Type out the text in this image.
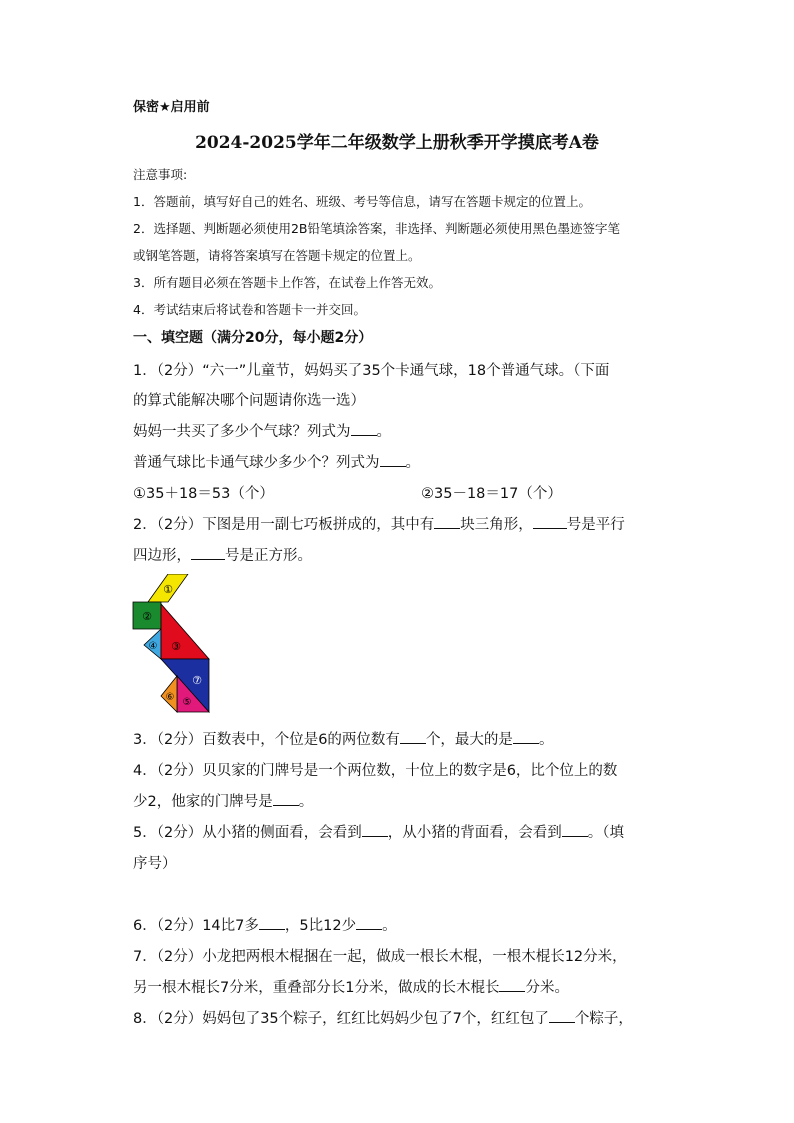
保密★启用前
2024-2025学年二年级数学上册秋季开学摸底考A卷
注意事项:
1．答题前，填写好自己的姓名、班级、考号等信息，请写在答题卡规定的位置上。
2．选择题、判断题必须使用2B铅笔填涂答案，非选择、判断题必须使用黑色墨迹签字笔
或钢笔答题，请将答案填写在答题卡规定的位置上。
3．所有题目必须在答题卡上作答，在试卷上作答无效。
4．考试结束后将试卷和答题卡一并交回。
一、填空题（满分20分，每小题2分）
1．（2分）“六一”儿童节，妈妈买了35个卡通气球，18个普通气球。（下面
的算式能解决哪个问题请你选一选）
妈妈一共买了多少个气球？列式为 。
普通气球比卡通气球少多少个？列式为 。
①35＋18＝53（个）	②35－18＝17（个）
2．（2分）下图是用一副七巧板拼成的，其中有 块三角形， 号是平行
四边形， 号是正方形。
①
②
③
④
⑤
⑥
⑦
3．（2分）百数表中，个位是6的两位数有 个，最大的是 。
4．（2分）贝贝家的门牌号是一个两位数，十位上的数字是6，比个位上的数
少2，他家的门牌号是 。
5．（2分）从小猪的侧面看，会看到 ，从小猪的背面看，会看到 。（填
序号）
6．（2分）14比7多 ，5比12少 。
7．（2分）小龙把两根木棍捆在一起，做成一根长木棍，一根木棍长12分米，
另一根木棍长7分米，重叠部分长1分米，做成的长木棍长 分米。
8．（2分）妈妈包了35个粽子，红红比妈妈少包了7个，红红包了 个粽子，
